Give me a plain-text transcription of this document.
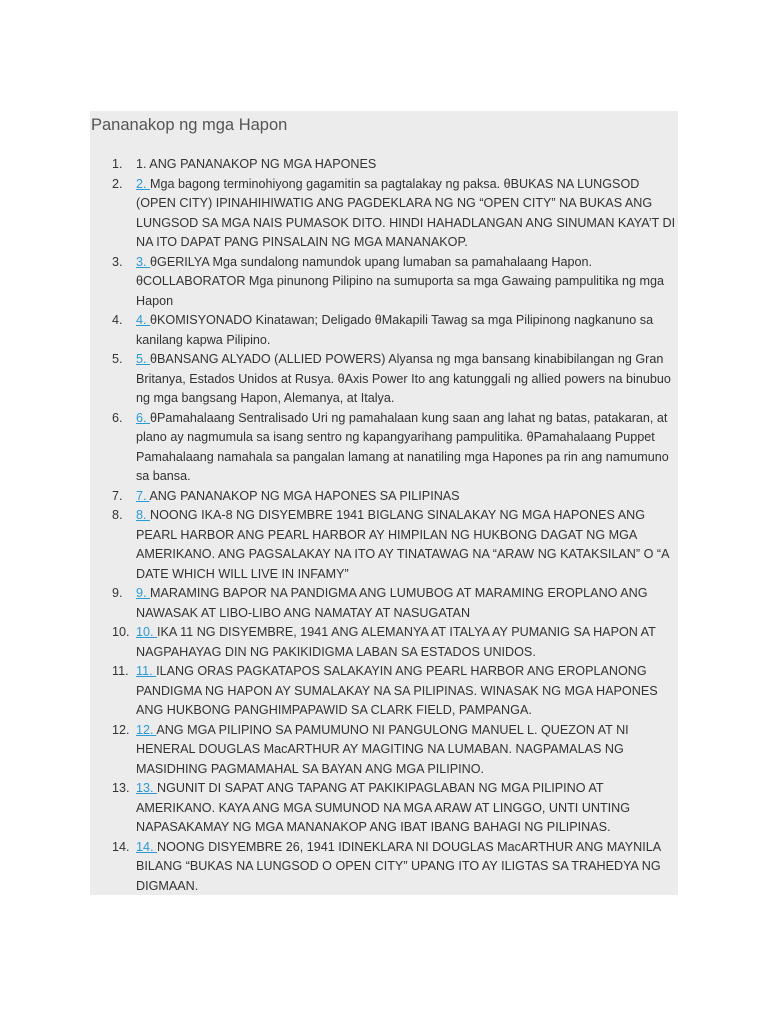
Pananakop ng mga Hapon
1.	1. ANG PANANAKOP NG MGA HAPONES
2.	2. Mga bagong terminohiyong gagamitin sa pagtalakay ng paksa. θBUKAS NA LUNGSOD (OPEN CITY) IPINAHIHIWATIG ANG PAGDEKLARA NG NG “OPEN CITY” NA BUKAS ANG LUNGSOD SA MGA NAIS PUMASOK DITO. HINDI HAHADLANGAN ANG SINUMAN KAYA’T DI NA ITO DAPAT PANG PINSALAIN NG MGA MANANAKOP.
3.	3. θGERILYA Mga sundalong namundok upang lumaban sa pamahalaang Hapon. θCOLLABORATOR Mga pinunong Pilipino na sumuporta sa mga Gawaing pampulitika ng mga Hapon
4.	4. θKOMISYONADO Kinatawan; Deligado θMakapili Tawag sa mga Pilipinong nagkanuno sa kanilang kapwa Pilipino.
5.	5. θBANSANG ALYADO (ALLIED POWERS) Alyansa ng mga bansang kinabibilangan ng Gran Britanya, Estados Unidos at Rusya. θAxis Power Ito ang katunggali ng allied powers na binubuo ng mga bangsang Hapon, Alemanya, at Italya.
6.	6. θPamahalaang Sentralisado Uri ng pamahalaan kung saan ang lahat ng batas, patakaran, at plano ay nagmumula sa isang sentro ng kapangyarihang pampulitika. θPamahalaang Puppet Pamahalaang namahala sa pangalan lamang at nanatiling mga Hapones pa rin ang namumuno sa bansa.
7.	7. ANG PANANAKOP NG MGA HAPONES SA PILIPINAS
8.	8. NOONG IKA-8 NG DISYEMBRE 1941 BIGLANG SINALAKAY NG MGA HAPONES ANG PEARL HARBOR ANG PEARL HARBOR AY HIMPILAN NG HUKBONG DAGAT NG MGA AMERIKANO. ANG PAGSALAKAY NA ITO AY TINATAWAG NA “ARAW NG KATAKSILAN” O “A DATE WHICH WILL LIVE IN INFAMY”
9.	9. MARAMING BAPOR NA PANDIGMA ANG LUMUBOG AT MARAMING EROPLANO ANG NAWASAK AT LIBO-LIBO ANG NAMATAY AT NASUGATAN
10. 10. IKA 11 NG DISYEMBRE, 1941 ANG ALEMANYA AT ITALYA AY PUMANIG SA HAPON AT NAGPAHAYAG DIN NG PAKIKIDIGMA LABAN SA ESTADOS UNIDOS.
11. 11. ILANG ORAS PAGKATAPOS SALAKAYIN ANG PEARL HARBOR ANG EROPLANONG PANDIGMA NG HAPON AY SUMALAKAY NA SA PILIPINAS. WINASAK NG MGA HAPONES ANG HUKBONG PANGHIMPAPAWID SA CLARK FIELD, PAMPANGA.
12. 12. ANG MGA PILIPINO SA PAMUMUNO NI PANGULONG MANUEL L. QUEZON AT NI HENERAL DOUGLAS MacARTHUR AY MAGITING NA LUMABAN. NAGPAMALAS NG MASIDHING PAGMAMAHAL SA BAYAN ANG MGA PILIPINO.
13. 13. NGUNIT DI SAPAT ANG TAPANG AT PAKIKIPAGLABAN NG MGA PILIPINO AT AMERIKANO. KAYA ANG MGA SUMUNOD NA MGA ARAW AT LINGGO, UNTI UNTING NAPASAKAMAY NG MGA MANANAKOP ANG IBAT IBANG BAHAGI NG PILIPINAS.
14. 14. NOONG DISYEMBRE 26, 1941 IDINEKLARA NI DOUGLAS MacARTHUR ANG MAYNILA BILANG “BUKAS NA LUNGSOD O OPEN CITY” UPANG ITO AY ILIGTAS SA TRAHEDYA NG DIGMAAN.
